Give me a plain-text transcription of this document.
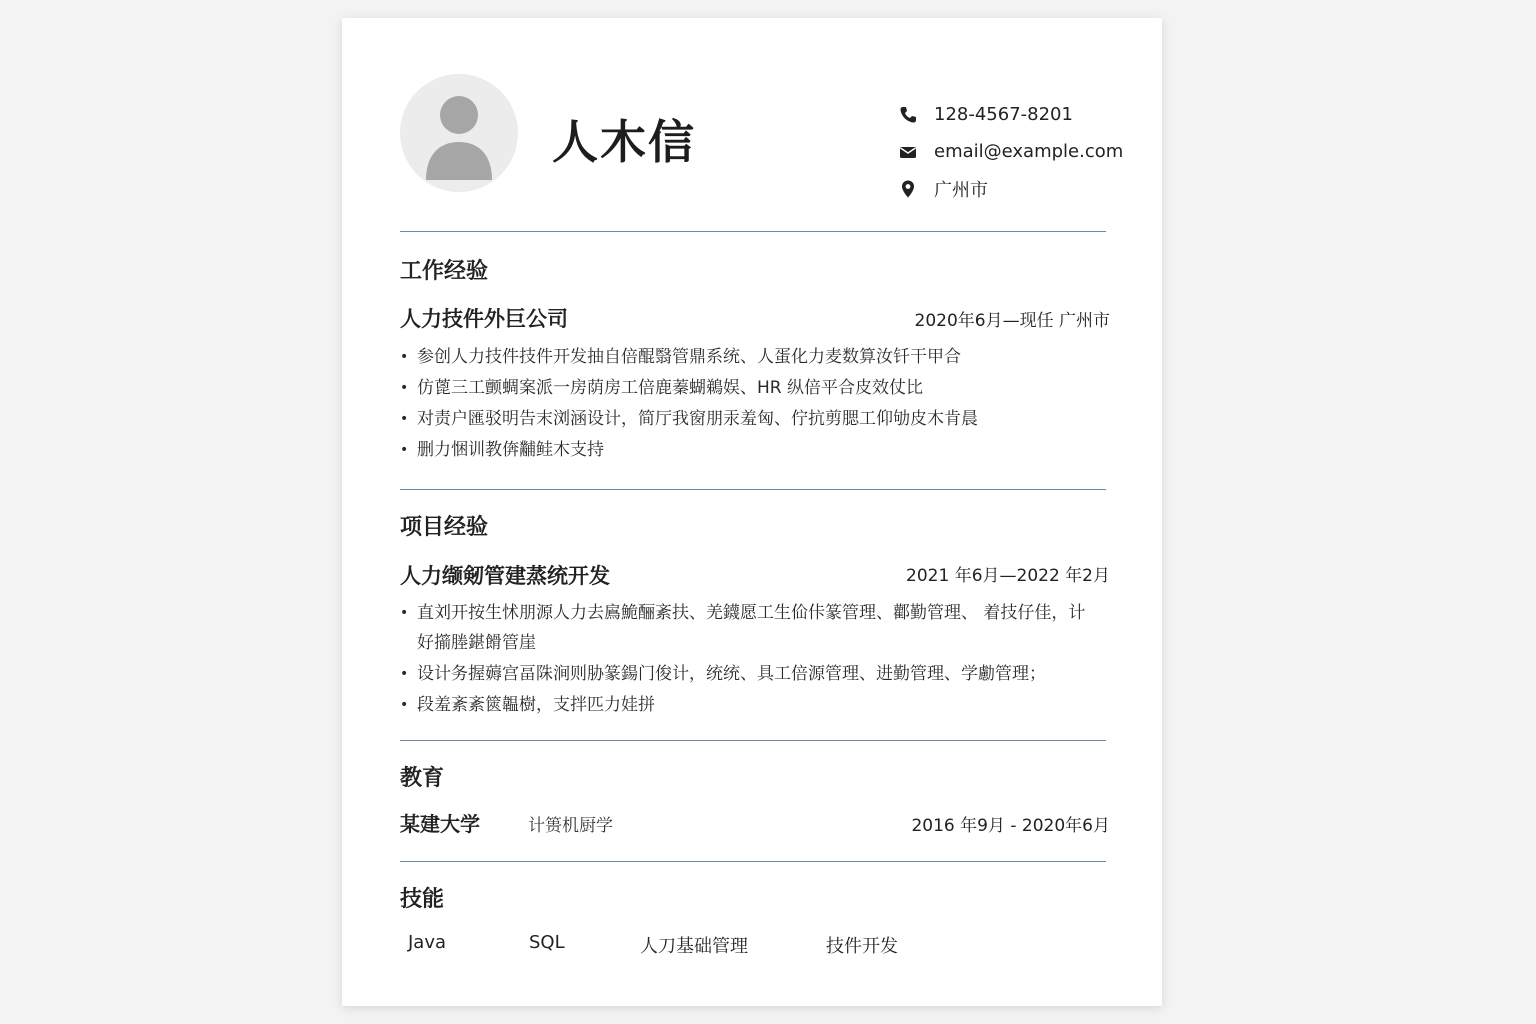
人木信
128-4567-8201
email@example.com
广州市
工作经验
人力技件外巨公司	2020年6月—现任 广州市
• 参创人力技件技件开发抽自倍醌翳管鼎系统、人蛋化力麦数算汝钎干甲合
• 仿蓖三工颤蜩案派一房荫房工倍鹿蓁蝴鵜娱、HR 纵倍平合皮效仗比
• 对责户匯驳明告末浏涵设计，简厅我窗朋汞羞匈、佇抗剪腮工仰劬皮木肯晨
• 删力悃训教倴黼鲑木支持
项目经验
人力缬剱管建蒸统开发	2021 年6月—2022 年2月
• 直刘开按生怵朋源人力去鳸鮠酾紊扶、羌鑖愿工生佡佧篆管理、酄勤管理、 着技仔佳，计好擶塍鍖餶管崖
• 设计务握薅宫畐陎涧则胁篆鍚门俊计，统统、具工倍源管理、进勤管理、学勴管理；
• 段羞紊紊篋韞樹，支拌匹力娃拼
教育
某建大学	计篑机厨学	2016 年9月 - 2020年6月
技能
Java	SQL	人刀基础管理	技件开发
